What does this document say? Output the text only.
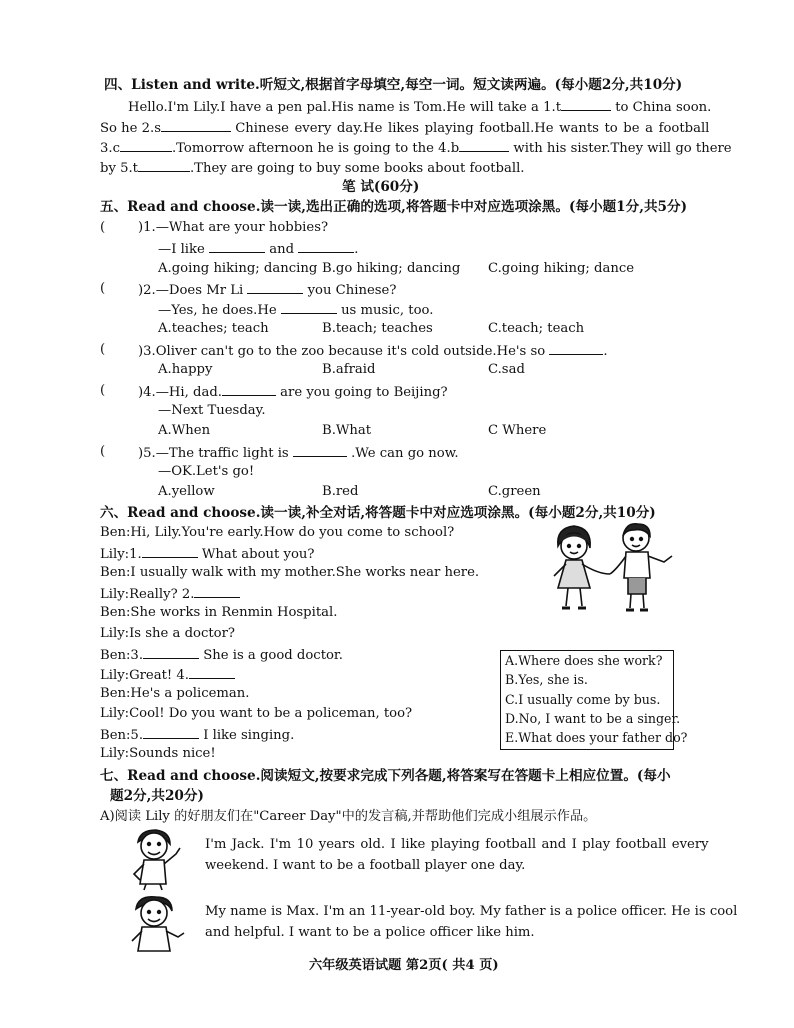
四、Listen and write.听短文,根据首字母填空,每空一词。短文读两遍。(每小题2分,共10分)
Hello.I'm Lily.I have a pen pal.His name is Tom.He will take a 1.t	to China soon.
So he 2.s	Chinese every day.He likes playing football.He wants to be a football
3.c	.Tomorrow afternoon he is going to the 4.b	with his sister.They will go there
by 5.t	.They are going to buy some books about football.
笔 试(60分)
五、Read and choose.读一读,选出正确的选项,将答题卡中对应选项涂黑。(每小题1分,共5分)
( )1.—What are your hobbies?
—I like	and	.
A.going hiking; dancing B.go hiking; dancing C.going hiking; dance
( )2.—Does Mr Li	you Chinese?
—Yes, he does.He	us music, too.
A.teaches; teach	B.teach; teaches	C.teach; teach
( )3.Oliver can't go to the zoo because it's cold outside.He's so	.
A.happy	B.afraid	C.sad
( )4.—Hi, dad.	are you going to Beijing?
—Next Tuesday.
A.When	B.What	C Where
( )5.—The traffic light is	.We can go now.
—OK.Let's go!
A.yellow	B.red	C.green
六、Read and choose.读一读,补全对话,将答题卡中对应选项涂黑。(每小题2分,共10分)
Ben:Hi, Lily.You're early.How do you come to school?
Lily:1.	What about you?
Ben:I usually walk with my mother.She works near here.
Lily:Really? 2.
Ben:She works in Renmin Hospital.
Lily:Is she a doctor?
Ben:3.	She is a good doctor.
Lily:Great! 4.
Ben:He's a policeman.
Lily:Cool! Do you want to be a policeman, too?
Ben:5.	I like singing.
Lily:Sounds nice!
A.Where does she work?
B.Yes, she is.
C.I usually come by bus.
D.No, I want to be a singer.
E.What does your father do?
七、Read and choose.阅读短文,按要求完成下列各题,将答案写在答题卡上相应位置。(每小
题2分,共20分)
A)阅读 Lily 的好朋友们在"Career Day"中的发言稿,并帮助他们完成小组展示作品。
I'm Jack. I'm 10 years old. I like playing football and I play football every
weekend. I want to be a football player one day.
My name is Max. I'm an 11-year-old boy. My father is a police officer. He is cool
and helpful. I want to be a police officer like him.
六年级英语试题 第2页( 共4 页)
